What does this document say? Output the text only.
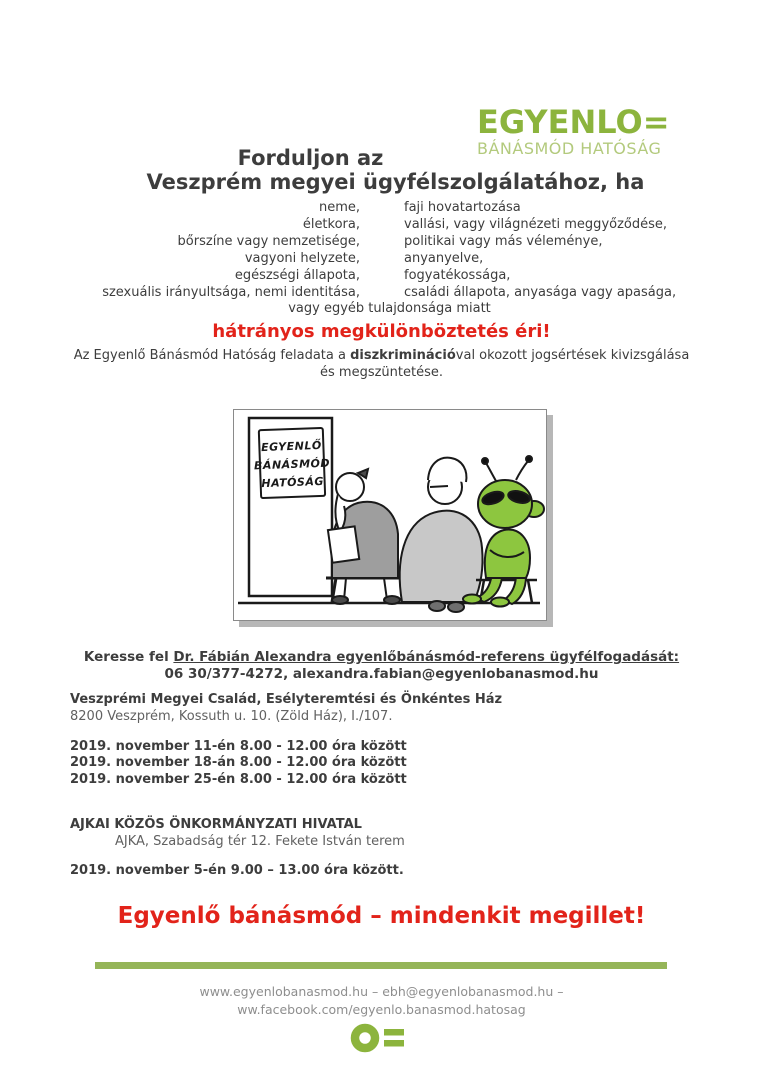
EGYENLO=
BÁNÁSMÓD HATÓSÁG
Forduljon az
Veszprém megyei ügyfélszolgálatához, ha
neme,	faji hovatartozása
életkora,	vallási, vagy világnézeti meggyőződése,
bőrszíne vagy nemzetisége,	politikai vagy más véleménye,
vagyoni helyzete,	anyanyelve,
egészségi állapota,	fogyatékossága,
szexuális irányultsága, nemi identitása,	családi állapota, anyasága vagy apasága,
vagy egyéb tulajdonsága miatt
hátrányos megkülönböztetés éri!
Az Egyenlő Bánásmód Hatóság feladata a diszkriminációval okozott jogsértések kivizsgálása
és megszüntetése.
EGYENLŐ
BÁNÁSMÓD
HATÓSÁG
Keresse fel Dr. Fábián Alexandra egyenlőbánásmód-referens ügyfélfogadását:
06 30/377-4272, alexandra.fabian@egyenlobanasmod.hu
Veszprémi Megyei Család, Esélyteremtési és Önkéntes Ház
8200 Veszprém, Kossuth u. 10. (Zöld Ház), I./107.
2019. november 11-én 8.00 - 12.00 óra között
2019. november 18-án 8.00 - 12.00 óra között
2019. november 25-én 8.00 - 12.00 óra között
AJKAI KÖZÖS ÖNKORMÁNYZATI HIVATAL
AJKA, Szabadság tér 12. Fekete István terem
2019. november 5-én 9.00 – 13.00 óra között.
Egyenlő bánásmód – mindenkit megillet!
www.egyenlobanasmod.hu – ebh@egyenlobanasmod.hu –
ww.facebook.com/egyenlo.banasmod.hatosag
